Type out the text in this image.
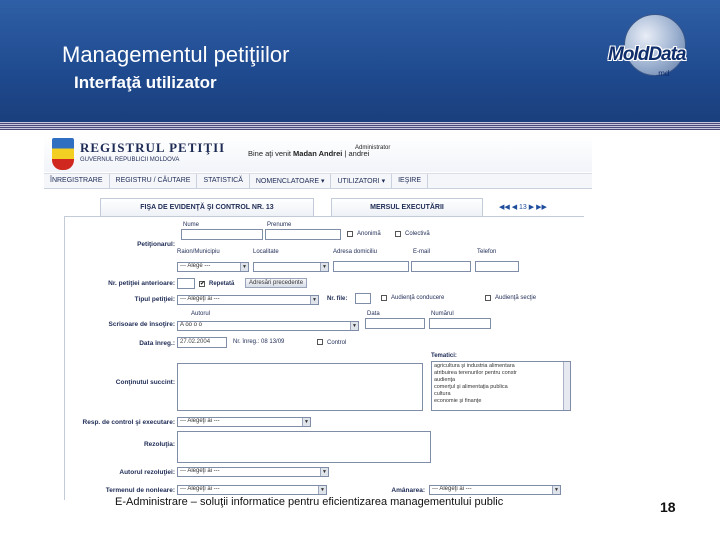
Managementul petiţiilor
Interfaţă utilizator
MoldData
.md
REGISTRUL PETIŢII
GUVERNUL REPUBLICII MOLDOVA
Bine aţi venit Madan Andrei | andrei
Administrator
ÎNREGISTRARE	REGISTRU / CĂUTARE	STATISTICĂ	NOMENCLATOARE ▾	UTILIZATORI ▾	IEŞIRE
FIŞA DE EVIDENŢĂ ŞI CONTROL NR. 13	MERSUL EXECUTĂRII	◀◀ ◀ 13 ▶ ▶▶
Nume	Prenume
Anonimă	Colectivă
Petiţionarul:
Raion/Municipiu	Localitate	Adresa domiciliu	E-mail	Telefon
--- Alege ---	▼	▼
Nr. petiţiei anterioare:
✔	Repetată	Adresări precedente
Tipul petiţiei: --- Alegeţi ai ---	▼ Nr. file:	Audienţă conducere	Audienţă secţie
Autorul	Data	Numărul
Scrisoare de însoţire: A oo o o	▼
Data înreg.: 27.02.2004	Nr. înreg.: 08 13/09	Control
Tematici:
Conţinutul succint:
agricultura şi industria alimentara
atribuirea terenurilor pentru constr
audienţa
comerţul şi alimentaţia publica
cultura
economie şi finanţe
Resp. de control şi executare: --- Alegeţi ai ---	▼
Rezoluţia:
Autorul rezoluţiei: --- Alegeţi ai ---	▼
Termenul de nonleare: --- Alegeţi ai ---	▼	Amânarea:	--- Alegeţi ai ---	▼
E-Administrare – soluţii informatice pentru eficientizarea managementului public	18
